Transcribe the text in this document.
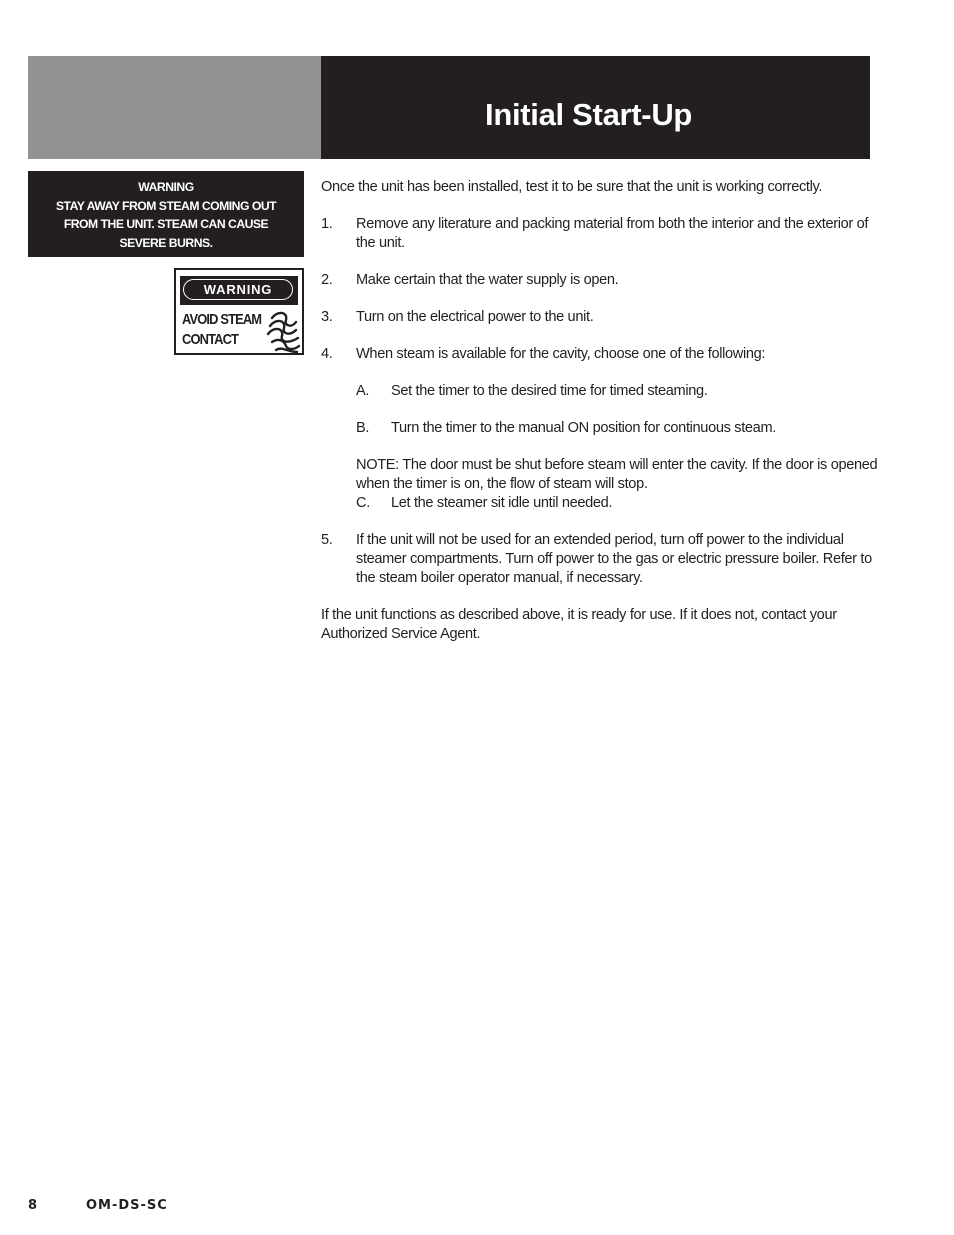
Initial Start-Up
WARNING
STAY AWAY FROM STEAM COMING OUT
FROM THE UNIT. STEAM CAN CAUSE
SEVERE BURNS.
WARNING
AVOID STEAM
CONTACT

Once the unit has been installed, test it to be sure that the unit is working correctly.

1. Remove any literature and packing material from both the interior and the exterior of the unit.
2. Make certain that the water supply is open.
3. Turn on the electrical power to the unit.
4. When steam is available for the cavity, choose one of the following:
A. Set the timer to the desired time for timed steaming.
B. Turn the timer to the manual ON position for continuous steam.

NOTE: The door must be shut before steam will enter the cavity. If the door is opened when the timer is on, the flow of steam will stop.

C. Let the steamer sit idle until needed.
5. If the unit will not be used for an extended period, turn off power to the individual steamer compartments. Turn off power to the gas or electric pressure boiler. Refer to the steam boiler operator manual, if necessary.

If the unit functions as described above, it is ready for use. If it does not, contact your Authorized Service Agent.

8	OM-DS-SC
